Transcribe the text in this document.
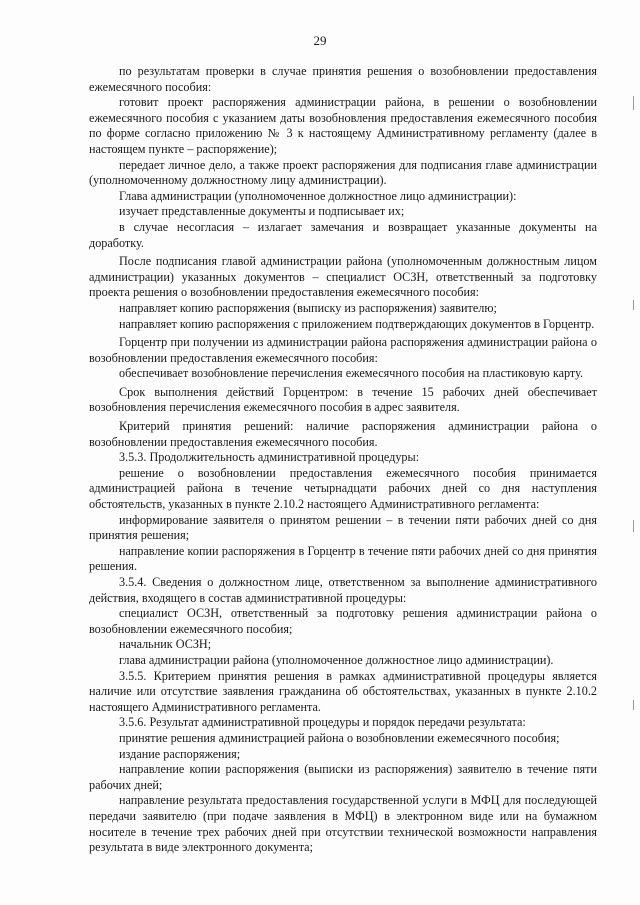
29

по результатам проверки в случае принятия решения о возобновлении предоставления ежемесячного пособия:

готовит проект распоряжения администрации района, в решении о возобновлении ежемесячного пособия с указанием даты возобновления предоставления ежемесячного пособия по форме согласно приложению № 3 к настоящему Административному регламенту (далее в настоящем пункте – распоряжение);

передает личное дело, а также проект распоряжения для подписания главе администрации (уполномоченному должностному лицу администрации).

Глава администрации (уполномоченное должностное лицо администрации):

изучает представленные документы и подписывает их;

в случае несогласия – излагает замечания и возвращает указанные документы на доработку.

После подписания главой администрации района (уполномоченным должностным лицом администрации) указанных документов – специалист ОСЗН, ответственный за подготовку проекта решения о возобновлении предоставления ежемесячного пособия:

направляет копию распоряжения (выписку из распоряжения) заявителю;

направляет копию распоряжения с приложением подтверждающих документов в Горцентр.

Горцентр при получении из администрации района распоряжения администрации района о возобновлении предоставления ежемесячного пособия:

обеспечивает возобновление перечисления ежемесячного пособия на пластиковую карту.

Срок выполнения действий Горцентром: в течение 15 рабочих дней обеспечивает возобновления перечисления ежемесячного пособия в адрес заявителя.

Критерий принятия решений: наличие распоряжения администрации района о возобновлении предоставления ежемесячного пособия.

3.5.3. Продолжительность административной процедуры:

решение о возобновлении предоставления ежемесячного пособия принимается администрацией района в течение четырнадцати рабочих дней со дня наступления обстоятельств, указанных в пункте 2.10.2 настоящего Административного регламента:

информирование заявителя о принятом решении – в течении пяти рабочих дней со дня принятия решения;

направление копии распоряжения в Горцентр в течение пяти рабочих дней со дня принятия решения.

3.5.4. Сведения о должностном лице, ответственном за выполнение административного действия, входящего в состав административной процедуры:

специалист ОСЗН, ответственный за подготовку решения администрации района о возобновлении ежемесячного пособия;

начальник ОСЗН;

глава администрации района (уполномоченное должностное лицо администрации).

3.5.5. Критерием принятия решения в рамках административной процедуры является наличие или отсутствие заявления гражданина об обстоятельствах, указанных в пункте 2.10.2 настоящего Административного регламента.

3.5.6. Результат административной процедуры и порядок передачи результата:

принятие решения администрацией района о возобновлении ежемесячного пособия;

издание распоряжения;

направление копии распоряжения (выписки из распоряжения) заявителю в течение пяти рабочих дней;

направление результата предоставления государственной услуги в МФЦ для последующей передачи заявителю (при подаче заявления в МФЦ) в электронном виде или на бумажном носителе в течение трех рабочих дней при отсутствии технической возможности направления результата в виде электронного документа;
